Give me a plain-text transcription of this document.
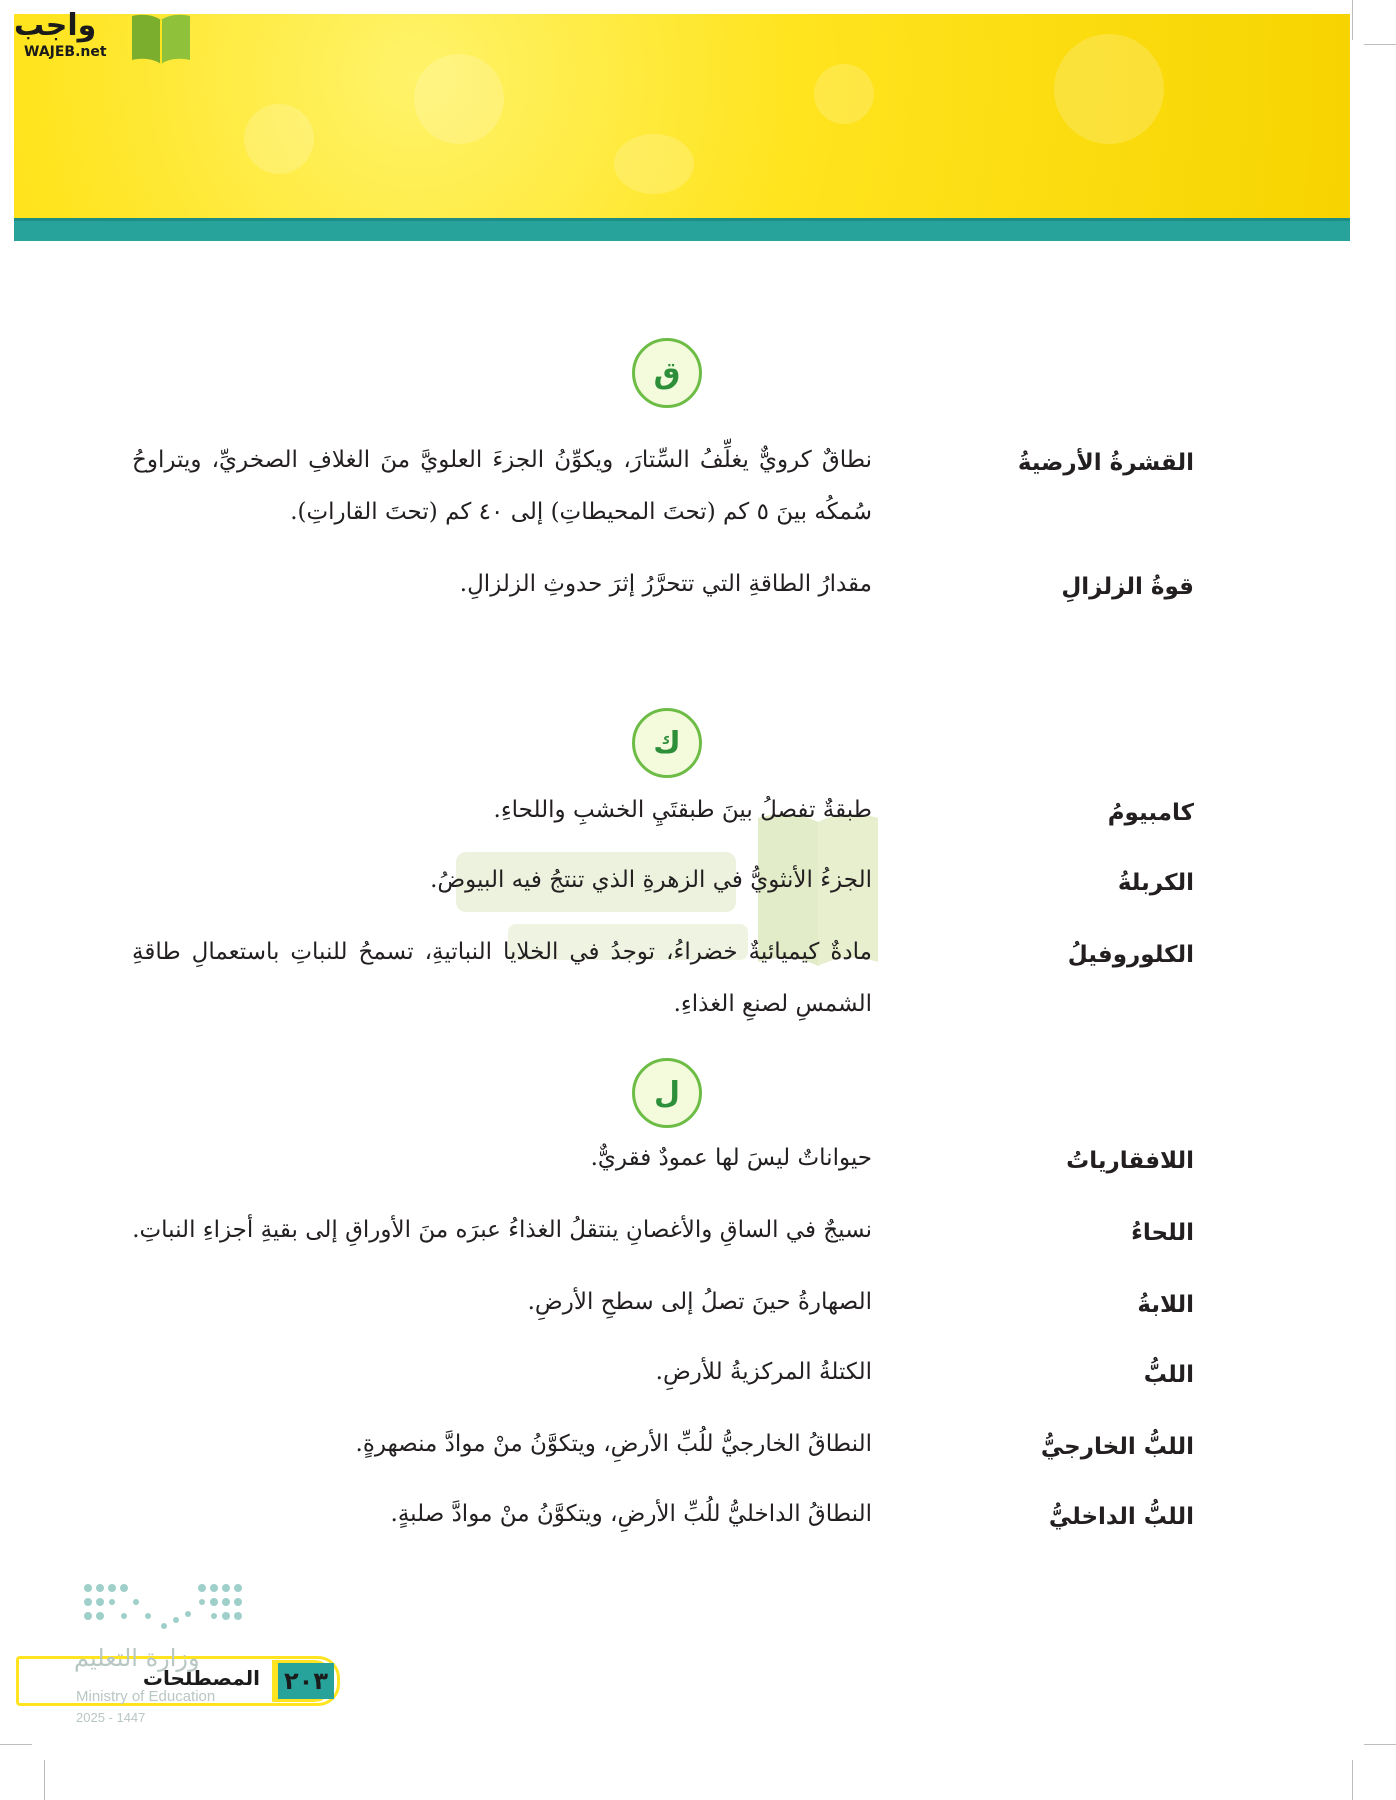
واجب
WAJEB.net
ق
القشرةُ الأرضيةُ
نطاقٌ كرويٌّ يغلِّفُ السِّتارَ، ويكوِّنُ الجزءَ العلويَّ منَ الغلافِ الصخريِّ، ويتراوحُ سُمكُه بينَ ٥ كم (تحتَ المحيطاتِ) إلى ٤٠ كم (تحتَ القاراتِ).
قوةُ الزلزالِ
مقدارُ الطاقةِ التي تتحرَّرُ إثرَ حدوثِ الزلزالِ.
ك
كامبيومُ
طبقةٌ تفصلُ بينَ طبقتَيِ الخشبِ واللحاءِ.
الكربلةُ
الجزءُ الأنثويُّ في الزهرةِ الذي تنتجُ فيه البيوضُ.
الكلوروفيلُ
مادةٌ كيميائيةٌ خضراءُ، توجدُ في الخلايا النباتيةِ، تسمحُ للنباتِ باستعمالِ طاقةِ الشمسِ لصنعِ الغذاءِ.
ل
اللافقارياتُ
حيواناتٌ ليسَ لها عمودٌ فقريٌّ.
اللحاءُ
نسيجٌ في الساقِ والأغصانِ ينتقلُ الغذاءُ عبرَه منَ الأوراقِ إلى بقيةِ أجزاءِ النباتِ.
اللابةُ
الصهارةُ حينَ تصلُ إلى سطحِ الأرضِ.
اللبُّ
الكتلةُ المركزيةُ للأرضِ.
اللبُّ الخارجيُّ
النطاقُ الخارجيُّ للُبِّ الأرضِ، ويتكوَّنُ منْ موادَّ منصهرةٍ.
اللبُّ الداخليُّ
النطاقُ الداخليُّ للُبِّ الأرضِ، ويتكوَّنُ منْ موادَّ صلبةٍ.
٢٠٣
المصطلحات
وزارة التعليم
Ministry of Education
2025 - 1447
